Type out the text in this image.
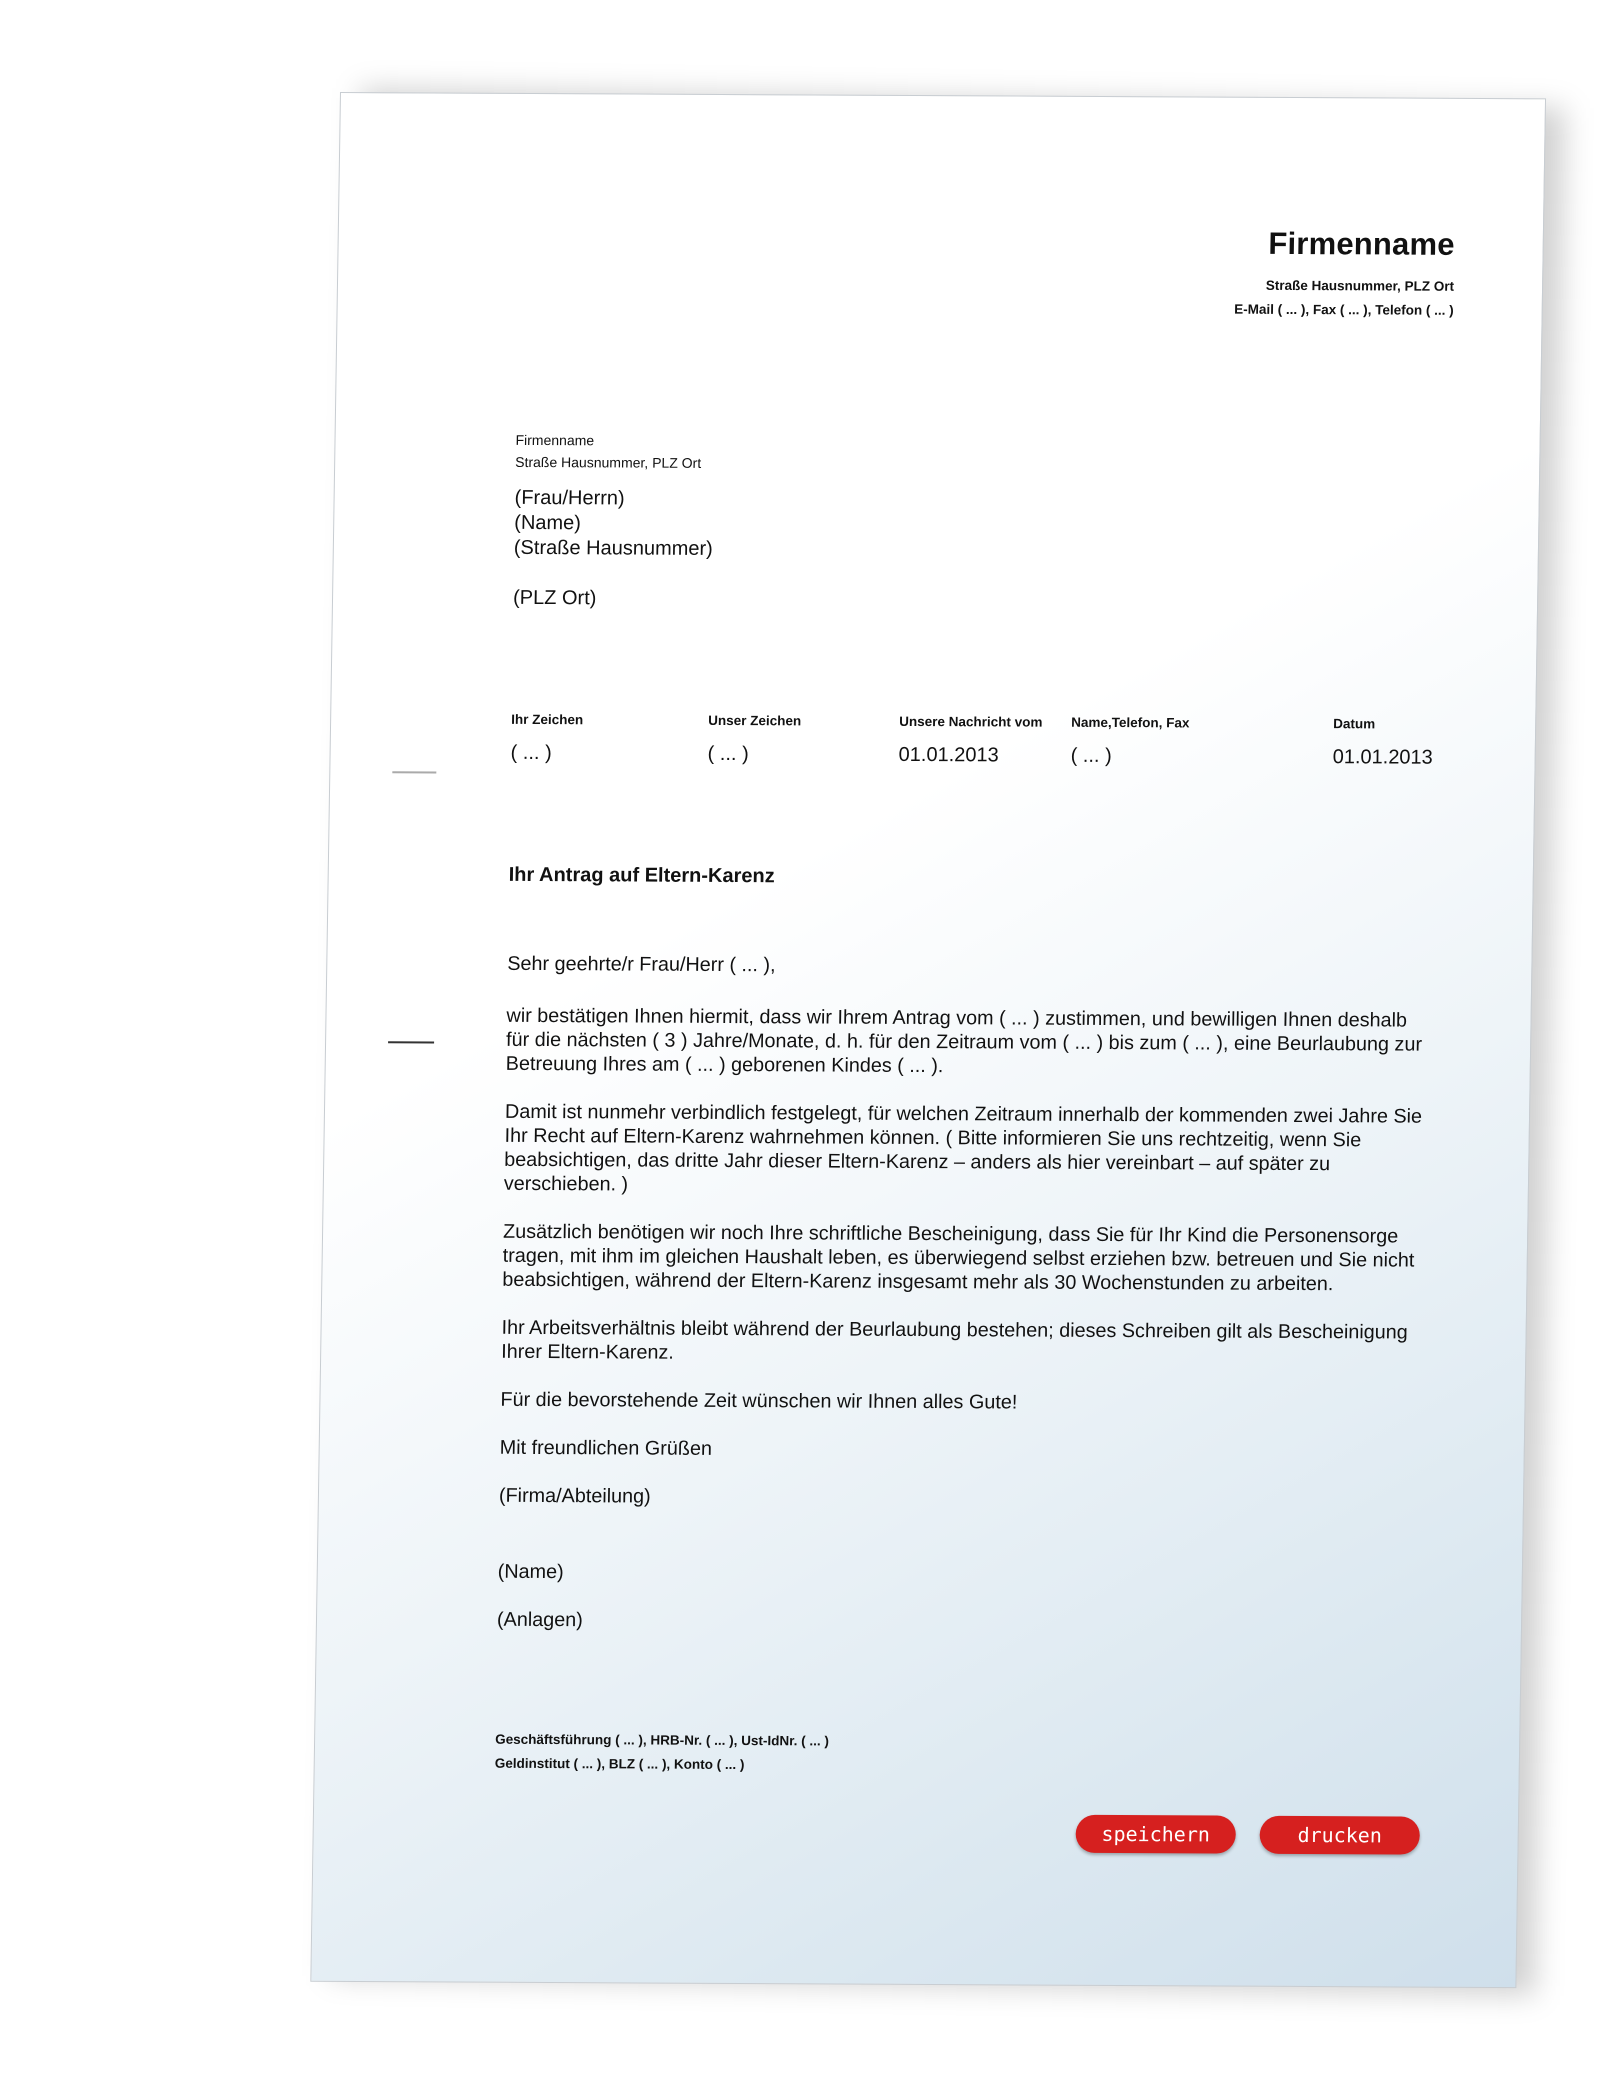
Firmenname
Straße Hausnummer, PLZ Ort
E-Mail ( ... ), Fax ( ... ), Telefon ( ... )
Firmenname
Straße Hausnummer, PLZ Ort
(Frau/Herrn)
(Name)
(Straße Hausnummer)
(PLZ Ort)
Ihr Zeichen
( ... )
Unser Zeichen
( ... )
Unsere Nachricht vom
01.01.2013
Name,Telefon, Fax
( ... )
Datum
01.01.2013
Ihr Antrag auf Eltern-Karenz

Sehr geehrte/r Frau/Herr ( ... ),

wir bestätigen Ihnen hiermit, dass wir Ihrem Antrag vom ( ... ) zustimmen, und bewilligen Ihnen deshalb für die nächsten ( 3 ) Jahre/Monate, d. h. für den Zeitraum vom ( ... ) bis zum ( ... ), eine Beurlaubung zur Betreuung Ihres am ( ... ) geborenen Kindes ( ... ).

Damit ist nunmehr verbindlich festgelegt, für welchen Zeitraum innerhalb der kommenden zwei Jahre Sie Ihr Recht auf Eltern-Karenz wahrnehmen können. ( Bitte informieren Sie uns rechtzeitig, wenn Sie beabsichtigen, das dritte Jahr dieser Eltern-Karenz – anders als hier vereinbart – auf später zu verschieben. )

Zusätzlich benötigen wir noch Ihre schriftliche Bescheinigung, dass Sie für Ihr Kind die Personensorge tragen, mit ihm im gleichen Haushalt leben, es überwiegend selbst erziehen bzw. betreuen und Sie nicht beabsichtigen, während der Eltern-Karenz insgesamt mehr als 30 Wochenstunden zu arbeiten.

Ihr Arbeitsverhältnis bleibt während der Beurlaubung bestehen; dieses Schreiben gilt als Bescheinigung Ihrer Eltern-Karenz.

Für die bevorstehende Zeit wünschen wir Ihnen alles Gute!

Mit freundlichen Grüßen

(Firma/Abteilung)

(Name)

(Anlagen)

Geschäftsführung ( ... ), HRB-Nr. ( ... ), Ust-IdNr. ( ... )
Geldinstitut ( ... ), BLZ ( ... ), Konto ( ... )
speichern	drucken
